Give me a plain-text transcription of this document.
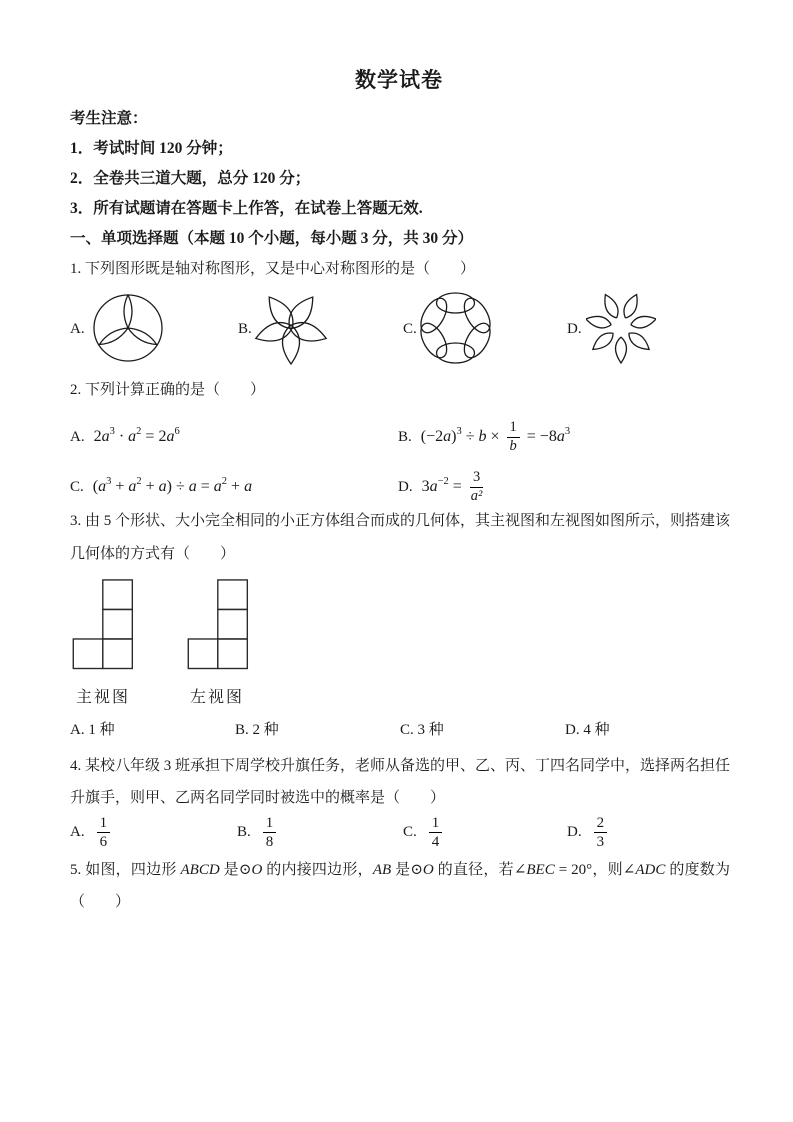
数学试卷
考生注意：
1．考试时间 120 分钟；
2．全卷共三道大题，总分 120 分；
3．所有试题请在答题卡上作答，在试卷上答题无效.
一、单项选择题（本题 10 个小题，每小题 3 分，共 30 分）
1. 下列图形既是轴对称图形，又是中心对称图形的是（　　）
A.	B.	C.	D.
2. 下列计算正确的是（　　）
A. 2 a 3 · a 2 = 2 a 6	B. (−2 a ) $3 \div b \times \frac{1}{b} = -8$ a 3
C. ( a 3 + a 2 + a ) ÷ a = a 2 + a	D. 3 $a -2 = \frac{3}{\text{a²}}$
3. 由 5 个形状、大小完全相同的小正方体组合而成的几何体，其主视图和左视图如图所示，则搭建该几何体的方式有（　　）
主视图	左视图
A. 1 种	B. 2 种	C. 3 种	D. 4 种
4. 某校八年级 3 班承担下周学校升旗任务，老师从备选的甲、乙、丙、丁四名同学中，选择两名担任升旗手，则甲、乙两名同学同时被选中的概率是（　　）
A. $\frac{1}{6}$	B. $\frac{1}{8}$	C. $\frac{1}{4}$	D. $\frac{2}{3}$
5. 如图，四边形 ABCD 是⊙O 的内接四边形，AB 是⊙O 的直径，若∠BEC = 20°，则∠ADC 的度数为（　　）
